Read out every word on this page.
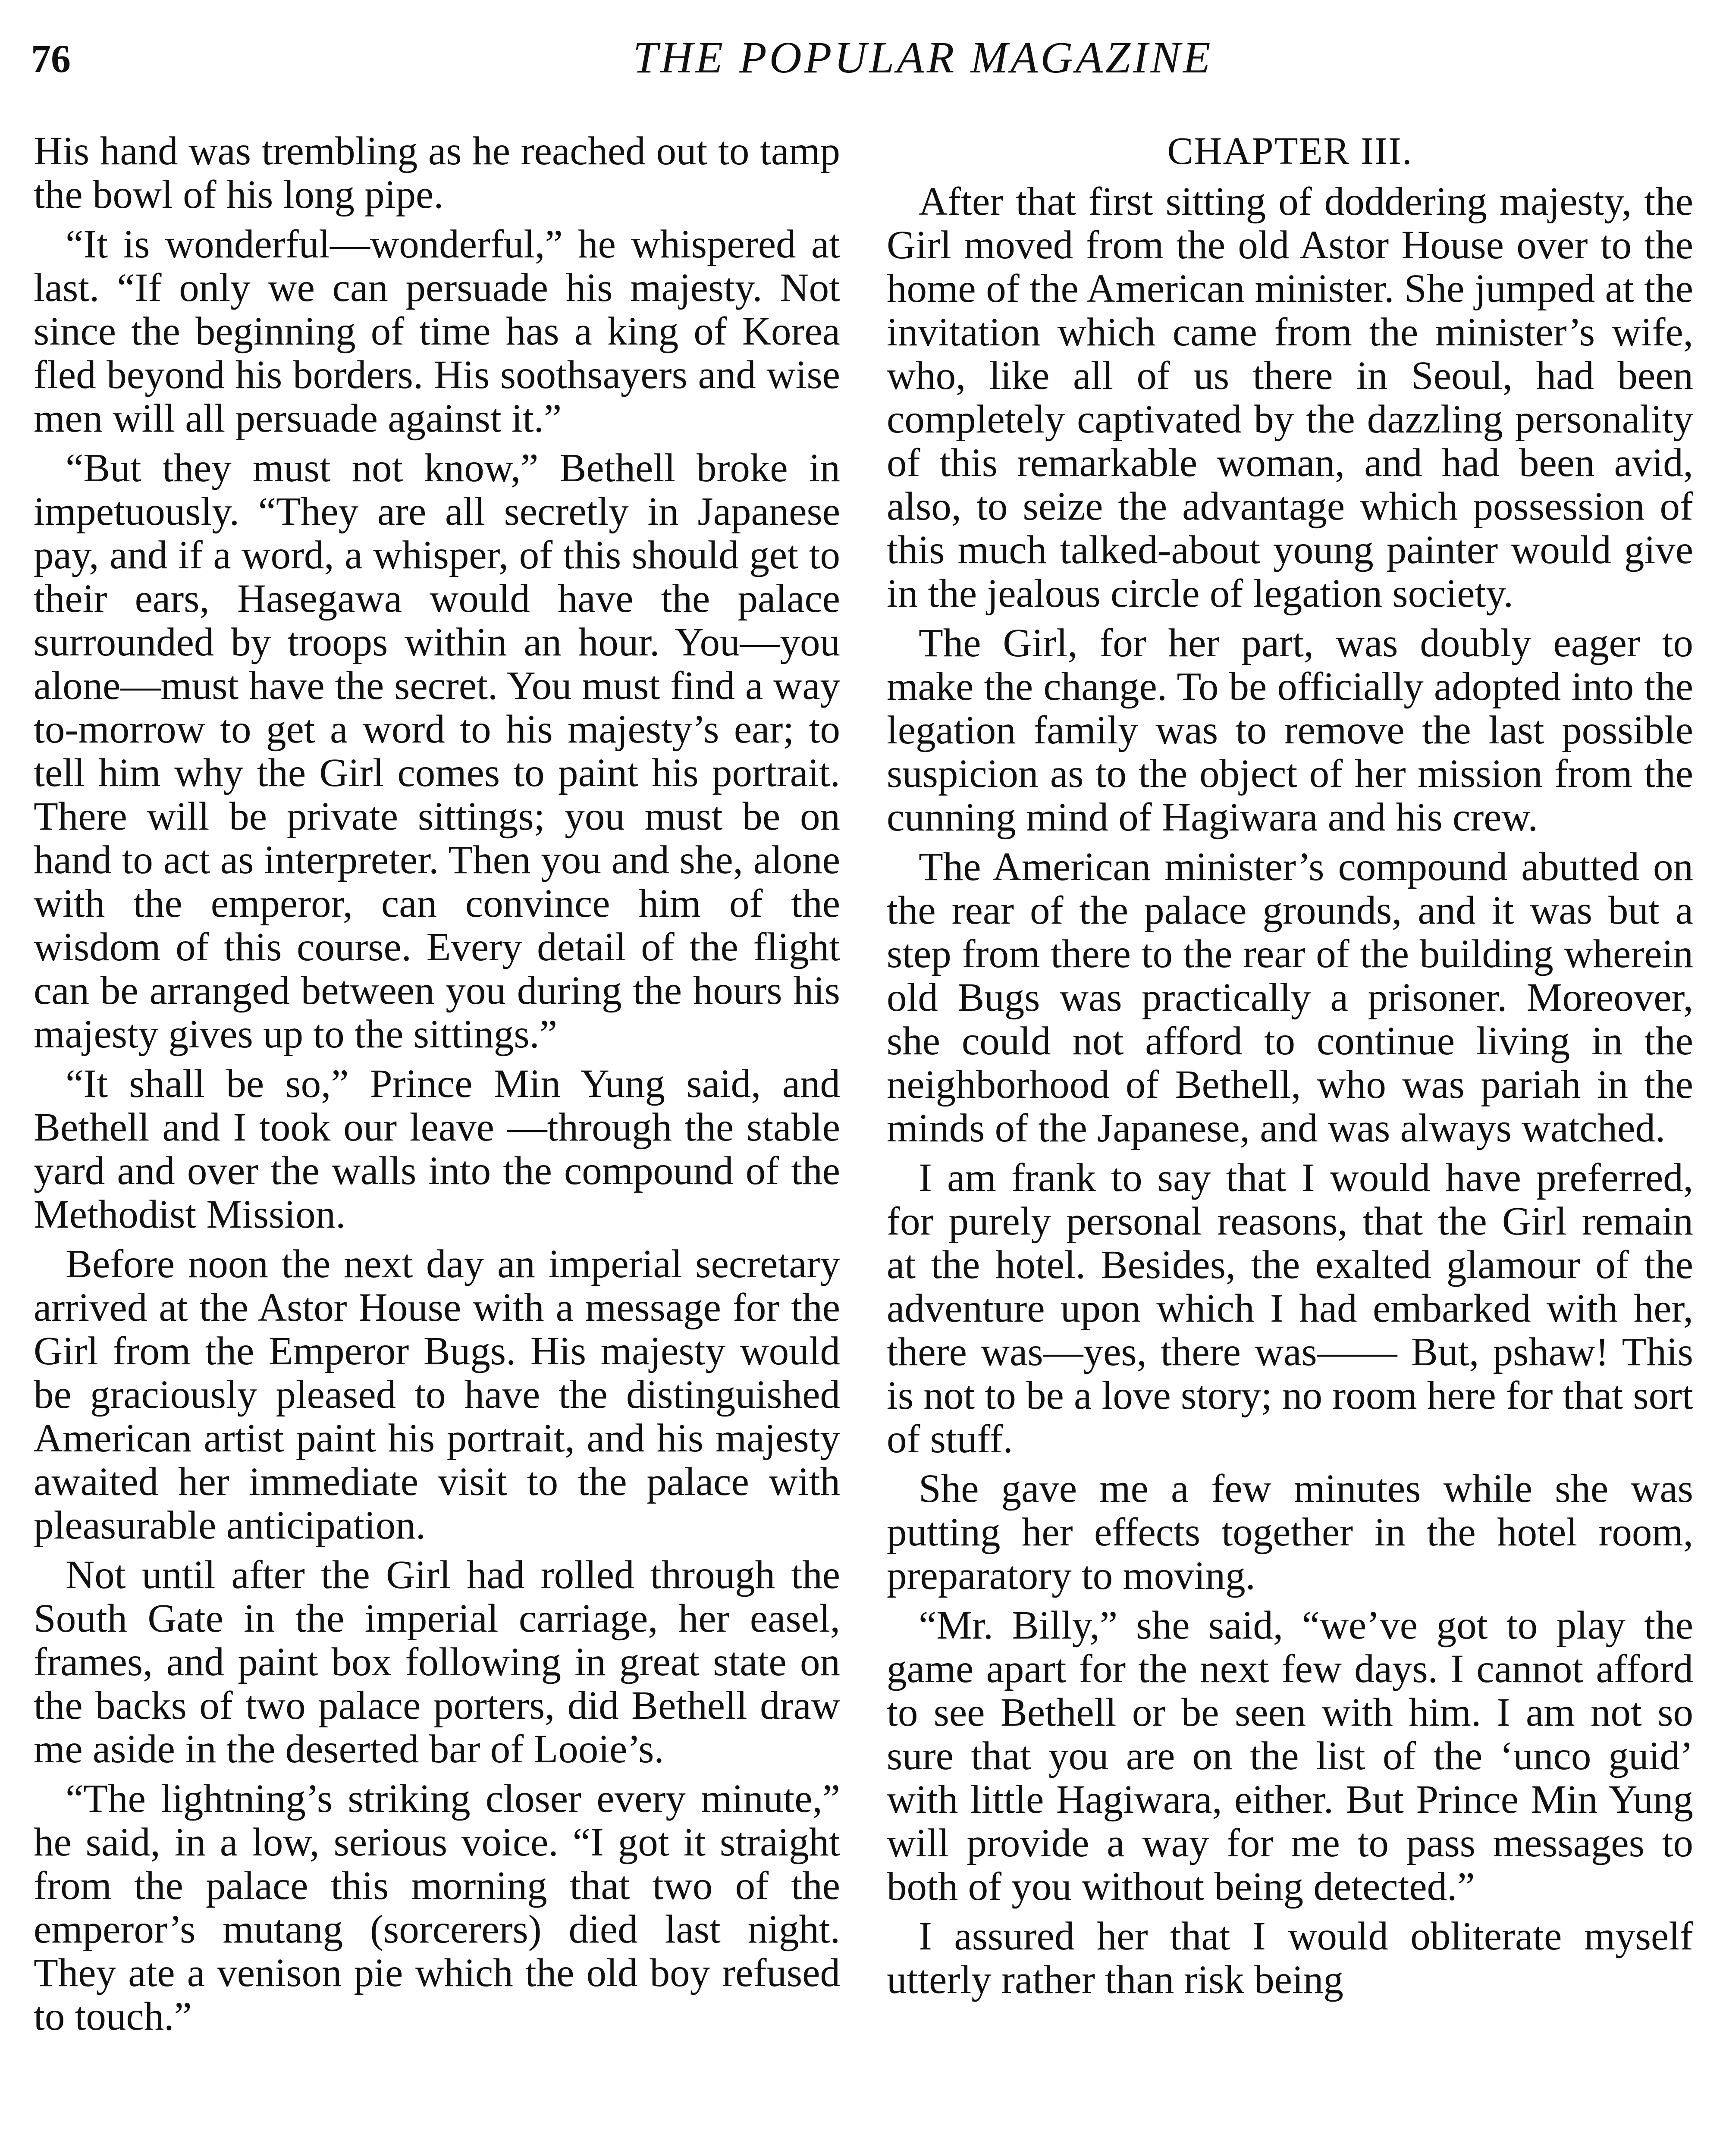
76	THE POPULAR MAGAZINE

His hand was trembling as he reached out to tamp the bowl of his long pipe.

“It is wonderful—wonderful,” he whispered at last. “If only we can persuade his majesty. Not since the beginning of time has a king of Korea fled beyond his borders. His soothsayers and wise men will all persuade against it.”

“But they must not know,” Bethell broke in impetuously. “They are all secretly in Japanese pay, and if a word, a whisper, of this should get to their ears, Hasegawa would have the palace surrounded by troops within an hour. You—you alone—must have the secret. You must find a way to-morrow to get a word to his majesty’s ear; to tell him why the Girl comes to paint his portrait. There will be private sittings; you must be on hand to act as interpreter. Then you and she, alone with the emperor, can convince him of the wisdom of this course. Every detail of the flight can be arranged between you during the hours his majesty gives up to the sittings.”

“It shall be so,” Prince Min Yung said, and Bethell and I took our leave —through the stable yard and over the walls into the compound of the Methodist Mission.

Before noon the next day an imperial secretary arrived at the Astor House with a message for the Girl from the Emperor Bugs. His majesty would be graciously pleased to have the distinguished American artist paint his portrait, and his majesty awaited her immediate visit to the palace with pleasurable anticipation.

Not until after the Girl had rolled through the South Gate in the imperial carriage, her easel, frames, and paint box following in great state on the backs of two palace porters, did Bethell draw me aside in the deserted bar of Looie’s.

“The lightning’s striking closer every minute,” he said, in a low, serious voice. “I got it straight from the palace this morning that two of the emperor’s mutang (sorcerers) died last night. They ate a venison pie which the old boy refused to touch.”

CHAPTER III.

After that first sitting of doddering majesty, the Girl moved from the old Astor House over to the home of the American minister. She jumped at the invitation which came from the minister’s wife, who, like all of us there in Seoul, had been completely captivated by the dazzling personality of this remarkable woman, and had been avid, also, to seize the advantage which possession of this much talked-about young painter would give in the jealous circle of legation society.

The Girl, for her part, was doubly eager to make the change. To be officially adopted into the legation family was to remove the last possible suspicion as to the object of her mission from the cunning mind of Hagiwara and his crew.

The American minister’s compound abutted on the rear of the palace grounds, and it was but a step from there to the rear of the building wherein old Bugs was practically a prisoner. Moreover, she could not afford to continue living in the neighborhood of Bethell, who was pariah in the minds of the Japanese, and was always watched.

I am frank to say that I would have preferred, for purely personal reasons, that the Girl remain at the hotel. Besides, the exalted glamour of the adventure upon which I had embarked with her, there was—yes, there was—— But, pshaw! This is not to be a love story; no room here for that sort of stuff.

She gave me a few minutes while she was putting her effects together in the hotel room, preparatory to moving.

“Mr. Billy,” she said, “we’ve got to play the game apart for the next few days. I cannot afford to see Bethell or be seen with him. I am not so sure that you are on the list of the ‘unco guid’ with little Hagiwara, either. But Prince Min Yung will provide a way for me to pass messages to both of you without being detected.”

I assured her that I would obliterate myself utterly rather than risk being
